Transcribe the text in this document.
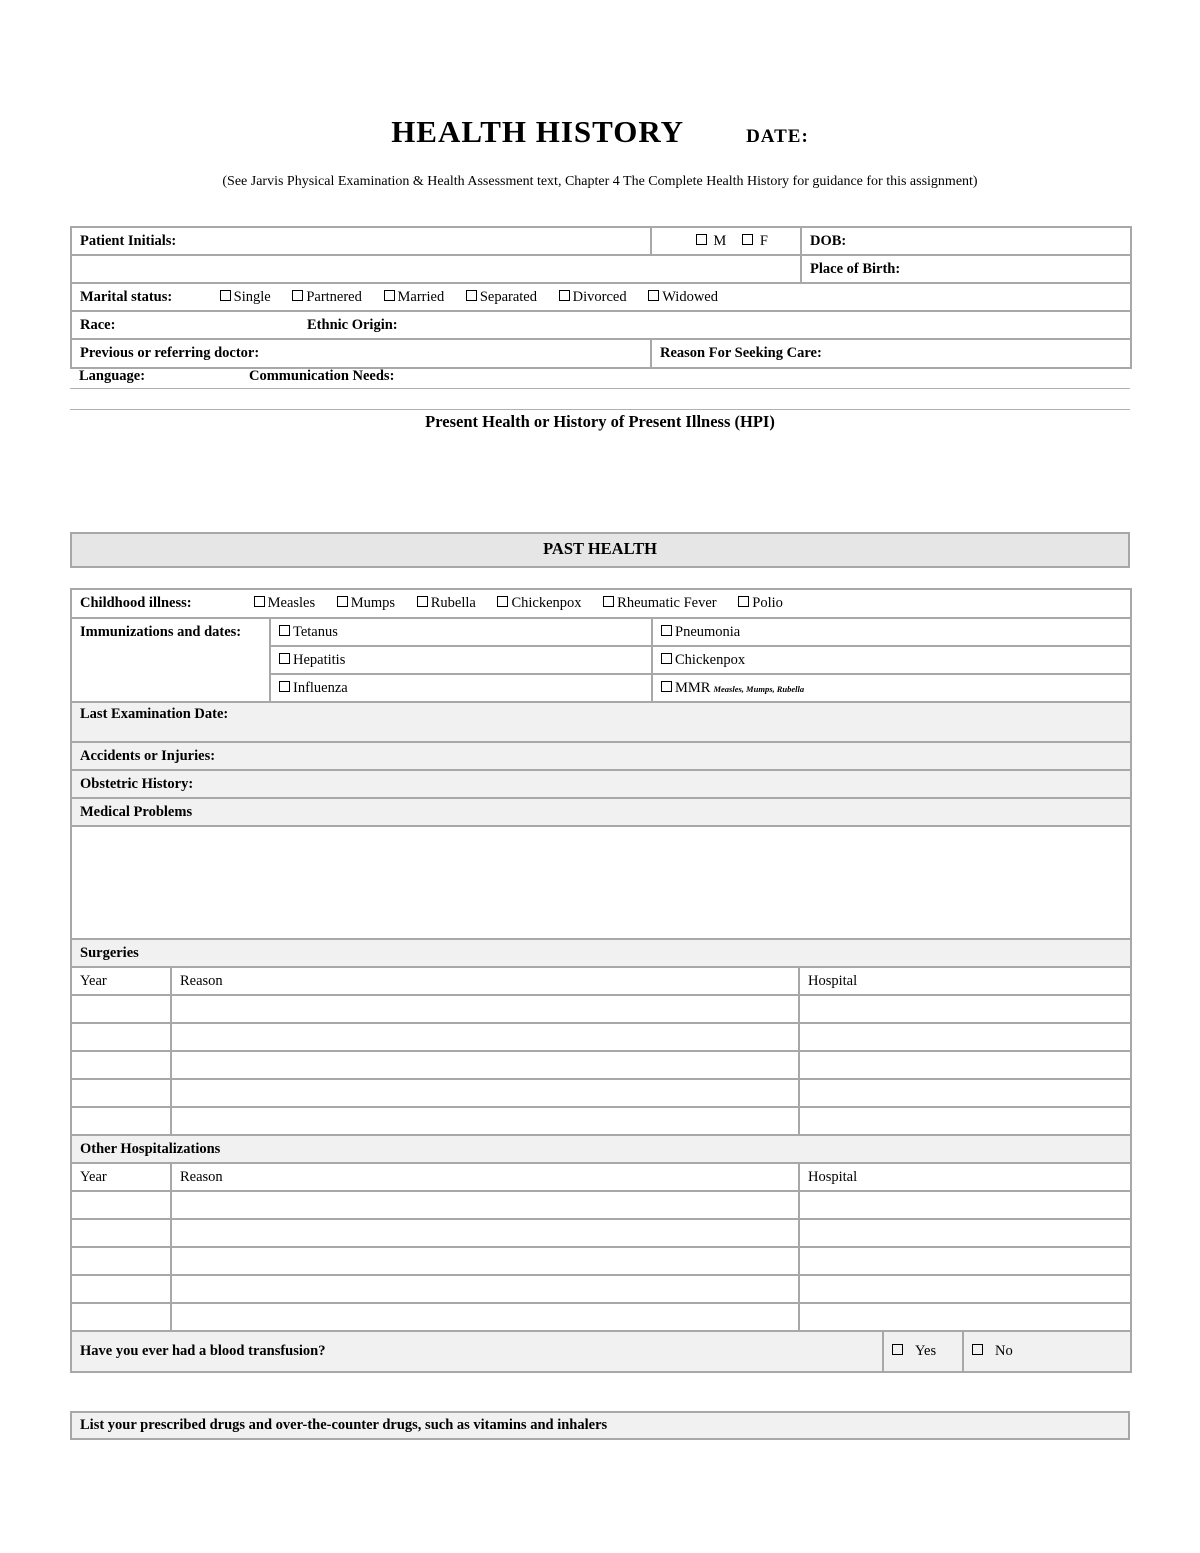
HEALTH HISTORY	DATE:
(See Jarvis Physical Examination & Health Assessment text, Chapter 4 The Complete Health History for guidance for this assignment)
Patient Initials:	M F	DOB:
		Place of Birth:
Marital status: Single Partnered Married Separated Divorced Widowed		
Race: Ethnic Origin:		
Previous or referring doctor:	Reason For Seeking Care:	
Language:	Communication Needs:
Present Health or History of Present Illness (HPI)
PAST HEALTH
Childhood illness: Measles Mumps Rubella Chickenpox Rheumatic Fever Polio						
Immunizations and dates:		Tetanus	Pneumonia			
		Hepatitis	Chickenpox			
		Influenza	MMR Measles, Mumps, Rubella			
Last Examination Date:						
Accidents or Injuries:						
Obstetric History:						
Medical Problems						

Surgeries						
Year	Reason			Hospital		

Other Hospitalizations						
Year	Reason			Hospital		

Have you ever had a blood transfusion?					Yes	No
List your prescribed drugs and over-the-counter drugs, such as vitamins and inhalers
